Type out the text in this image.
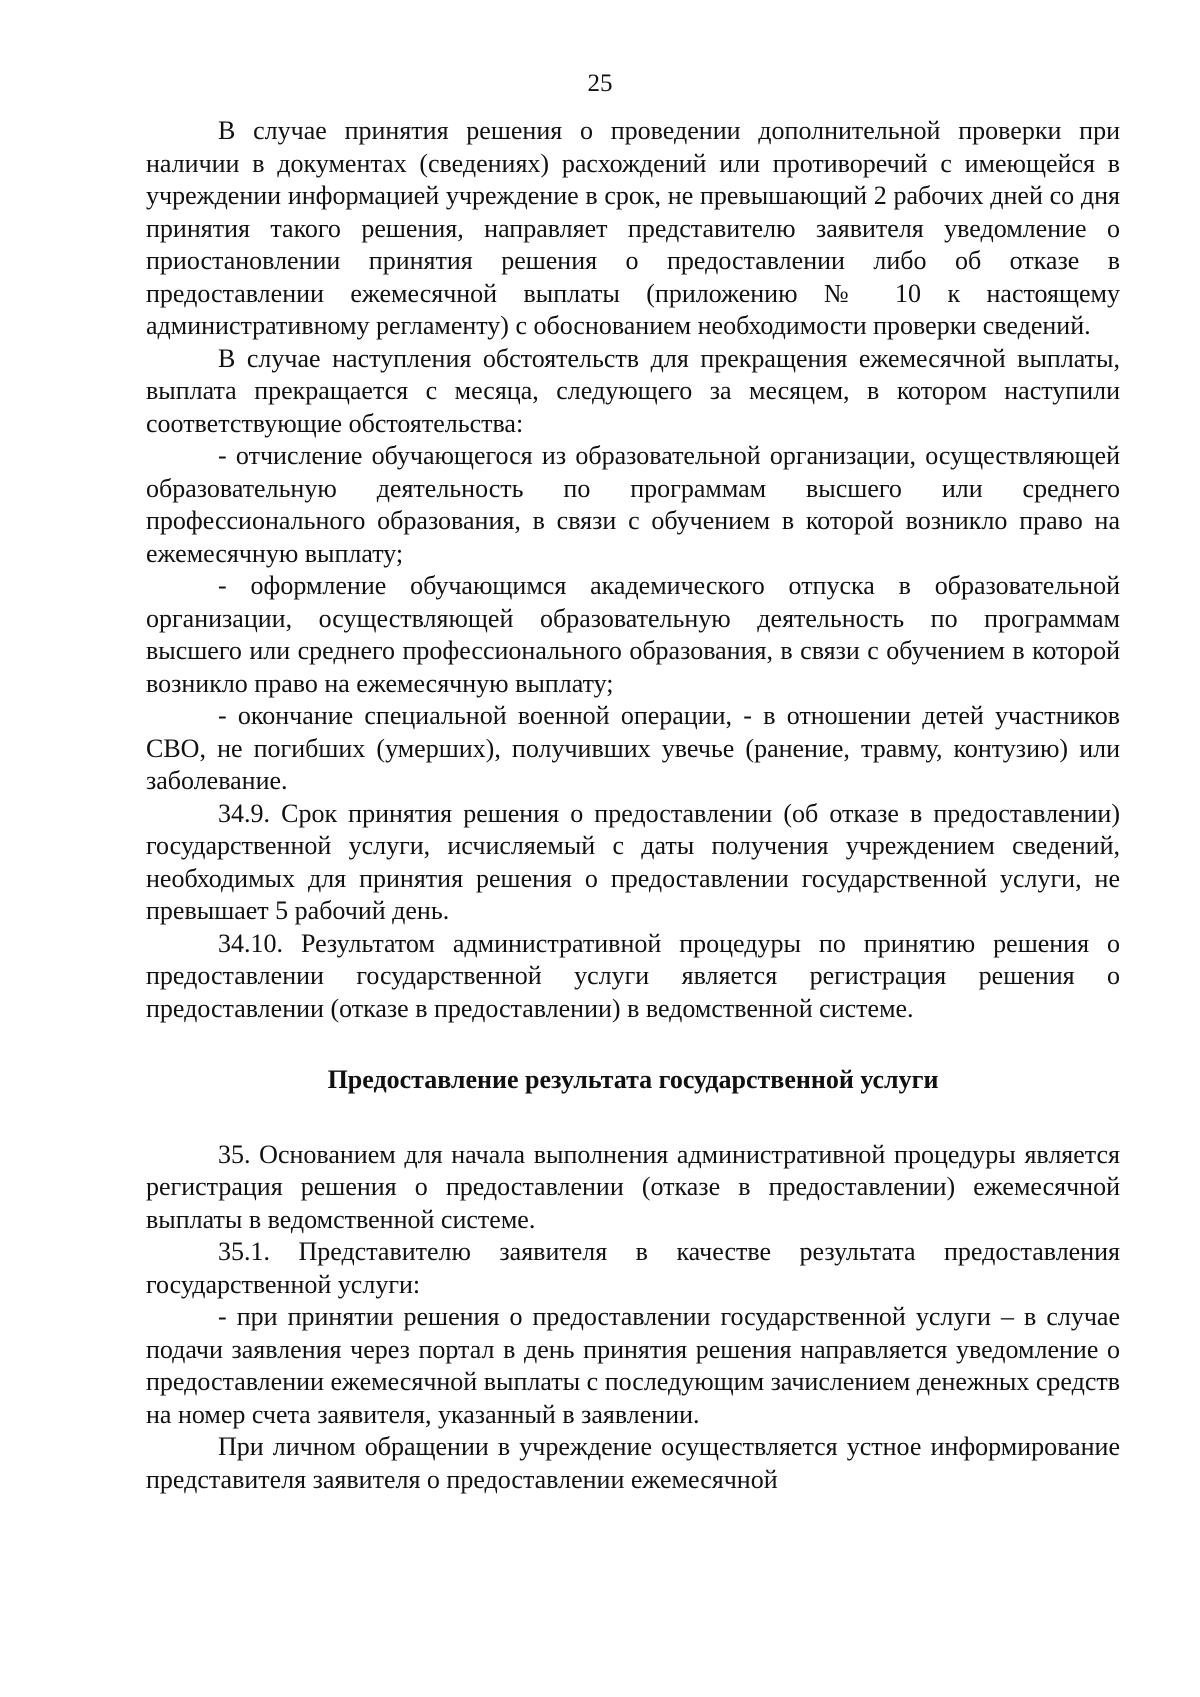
25

В случае принятия решения о проведении дополнительной проверки при наличии в документах (сведениях) расхождений или противоречий с имеющейся в учреждении информацией учреждение в срок, не превышающий 2 рабочих дней со дня принятия такого решения, направляет представителю заявителя уведомление о приостановлении принятия решения о предоставлении либо об отказе в предоставлении ежемесячной выплаты (приложению № 10 к настоящему административному регламенту) с обоснованием необходимости проверки сведений.

В случае наступления обстоятельств для прекращения ежемесячной выплаты, выплата прекращается с месяца, следующего за месяцем, в котором наступили соответствующие обстоятельства:

- отчисление обучающегося из образовательной организации, осуществляющей образовательную деятельность по программам высшего или среднего профессионального образования, в связи с обучением в которой возникло право на ежемесячную выплату;

- оформление обучающимся академического отпуска в образовательной организации, осуществляющей образовательную деятельность по программам высшего или среднего профессионального образования, в связи с обучением в которой возникло право на ежемесячную выплату;

- окончание специальной военной операции, - в отношении детей участников СВО, не погибших (умерших), получивших увечье (ранение, травму, контузию) или заболевание.

34.9. Срок принятия решения о предоставлении (об отказе в предоставлении) государственной услуги, исчисляемый с даты получения учреждением сведений, необходимых для принятия решения о предоставлении государственной услуги, не превышает 5 рабочий день.

34.10. Результатом административной процедуры по принятию решения о предоставлении государственной услуги является регистрация решения о предоставлении (отказе в предоставлении) в ведомственной системе.

Предоставление результата государственной услуги

35. Основанием для начала выполнения административной процедуры является регистрация решения о предоставлении (отказе в предоставлении) ежемесячной выплаты в ведомственной системе.

35.1. Представителю заявителя в качестве результата предоставления государственной услуги:

- при принятии решения о предоставлении государственной услуги – в случае подачи заявления через портал в день принятия решения направляется уведомление о предоставлении ежемесячной выплаты с последующим зачислением денежных средств на номер счета заявителя, указанный в заявлении.

При личном обращении в учреждение осуществляется устное информирование представителя заявителя о предоставлении ежемесячной
